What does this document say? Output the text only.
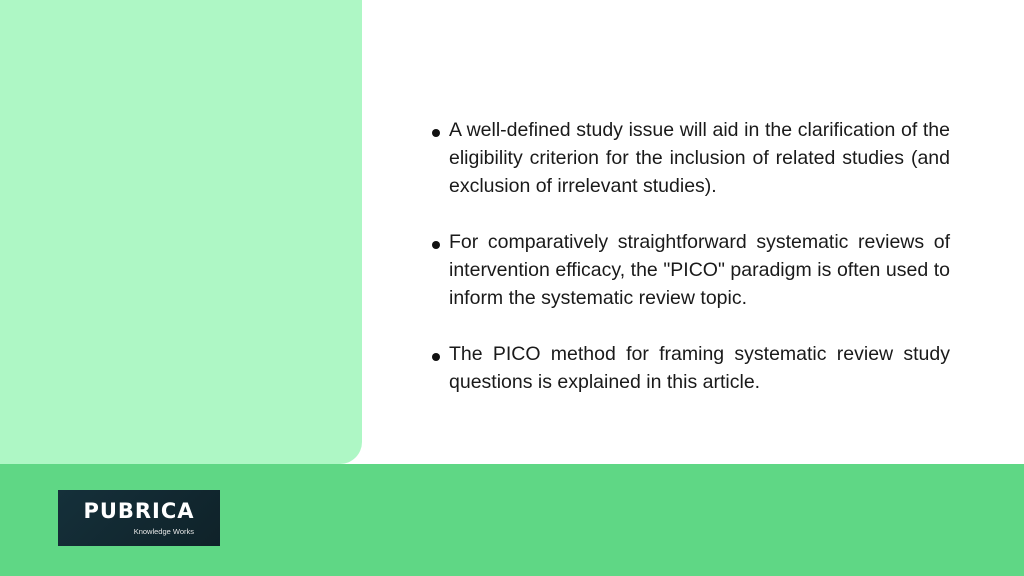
A well-defined study issue will aid in the clarification of the eligibility criterion for the inclusion of related studies (and exclusion of irrelevant studies).
For comparatively straightforward systematic reviews of intervention efficacy, the "PICO" paradigm is often used to inform the systematic review topic.
The PICO method for framing systematic review study questions is explained in this article.
PUBRICA
Knowledge Works
